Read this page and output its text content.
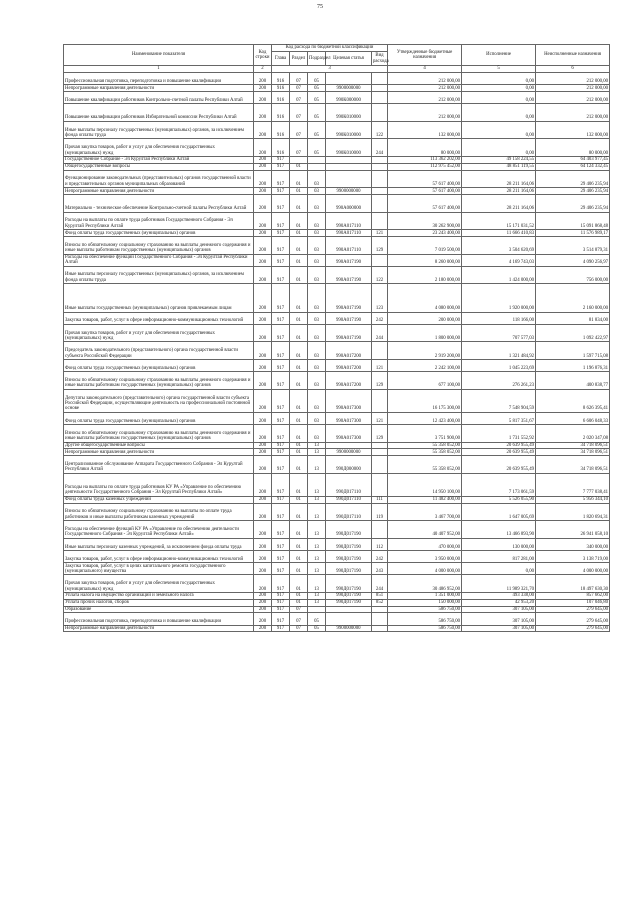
75
Наименование показателя	Код строки	Код расхода по бюджетной классификации					Утвержденные бюджетные назначения	Исполнение	Неисполненные назначения
		Глава	Раздел	Подраздел	Целевая статья	Вид расхода			
1	2	3					4	5	6
Профессиональная подготовка, переподготовка и повышение квалификации	200	916	07	05			212 000,00	0,00	212 000,00
Непрограммные направления деятельности	200	916	07	05	9900000000		212 000,00	0,00	212 000,00
Повышение квалификации работников Контрольно-счетной палаты Республики Алтай	200	916	07	05	990К000000		212 000,00	0,00	212 000,00
Повышение квалификации работников Избирательной комиссии Республики Алтай	200	916	07	05	990К010000		212 000,00	0,00	212 000,00
Иные выплаты персоналу государственных (муниципальных) органов, за исключением фонда оплаты труда	200	916	07	05	990К010000	122	132 000,00	0,00	132 000,00
Прочая закупка товаров, работ и услуг для обеспечения государственных (муниципальных) нужд	200	916	07	05	990К010000	244	80 000,00	0,00	80 000,00
Государственное Собрание - Эл Курултай Республики Алтай	200	917					113 362 202,00	49 158 224,55	64 403 977,45
Общегосударственные вопросы	200	917	01				112 975 452,00	48 851 119,55	64 124 332,45
Функционирование законодательных (представительных) органов государственной власти и представительных органов муниципальных образований	200	917	01	03			57 617 400,00	28 211 164,06	29 406 235,94
Непрограммные направления деятельности	200	917	01	03	9900000000		57 617 400,00	28 211 164,06	29 406 235,94
Материально - техническое обеспечение Контрольно-счетной палаты Республики Алтай	200	917	01	03	990А000000		57 617 400,00	28 211 164,06	29 406 235,94
Расходы на выплаты по оплате труда работников Государственного Собрания - Эл Курултай Республики Алтай	200	917	01	03	990А017110		30 262 900,00	15 171 031,52	15 091 868,48
Фонд оплаты труда государственных (муниципальных) органов	200	917	01	03	990А017110	121	23 243 400,00	11 666 410,83	11 576 989,17
Взносы по обязательному социальному страхованию на выплаты денежного содержания и иные выплаты работникам государственных (муниципальных) органов	200	917	01	03	990А017110	129	7 019 500,00	3 504 620,69	3 514 879,31
Расходы на обеспечение функций Государственного Собрания - Эл Курултай Республики Алтай	200	917	01	03	990А017190		8 260 000,00	4 169 743,03	4 090 256,97
Иные выплаты персоналу государственных (муниципальных) органов, за исключением фонда оплаты труда	200	917	01	03	990А017190	122	2 180 000,00	1 424 000,00	756 000,00
Иные выплаты государственных (муниципальных) органов привлекаемым лицам	200	917	01	03	990А017190	123	4 080 000,00	1 920 000,00	2 160 000,00
Закупка товаров, работ, услуг в сфере информационно-коммуникационных технологий	200	917	01	03	990А017190	242	200 000,00	118 166,00	81 834,00
Прочая закупка товаров, работ и услуг для обеспечения государственных (муниципальных) нужд	200	917	01	03	990А017190	244	1 800 000,00	707 577,03	1 092 422,97
Председатель законодательного (представительного) органа государственной власти субъекта Российской Федерации	200	917	01	03	990А017200		2 919 200,00	1 321 484,92	1 597 715,08
Фонд оплаты труда государственных (муниципальных) органов	200	917	01	03	990А017200	121	2 242 100,00	1 045 223,69	1 196 876,31
Взносы по обязательному социальному страхованию на выплаты денежного содержания и иные выплаты работникам государственных (муниципальных) органов	200	917	01	03	990А017200	129	677 100,00	276 261,23	400 838,77
Депутаты законодательного (представительного) органа государственной власти субъекта Российской Федерации, осуществляющие деятельность на профессиональной постоянной основе	200	917	01	03	990А017300		16 175 300,00	7 548 904,59	8 626 395,41
Фонд оплаты труда государственных (муниципальных) органов	200	917	01	03	990А017300	121	12 423 400,00	5 817 351,67	6 606 048,33
Взносы по обязательному социальному страхованию на выплаты денежного содержания и иные выплаты работникам государственных (муниципальных) органов	200	917	01	03	990А017300	129	3 751 900,00	1 731 552,92	2 020 347,08
Другие общегосударственные вопросы	200	917	01	13			55 358 052,00	20 639 955,49	34 718 096,51
Непрограммные направления деятельности	200	917	01	13	9900000000		55 358 052,00	20 639 955,49	34 718 096,51
Централизованное обслуживание Аппарата Государственного Собрания - Эл Курултай Республики Алтай	200	917	01	13	990Д000000		55 358 052,00	20 639 955,49	34 718 096,51
Расходы на выплаты по оплате труда работников КУ РА «Управление по обеспечению деятельности Государственного Собрания - Эл Курултай Республики Алтай»	200	917	01	13	990Д017110		14 950 100,00	7 173 061,59	7 777 038,41
Фонд оплаты труда казенных учреждений	200	917	01	13	990Д017110	111	11 482 400,00	5 526 055,90	5 956 344,10
Взносы по обязательному социальному страхованию на выплаты по оплате труда работников и иные выплаты работникам казенных учреждений	200	917	01	13	990Д017110	119	3 467 700,00	1 647 005,69	1 820 694,31
Расходы на обеспечение функций КУ РА «Управление по обеспечению деятельности Государственного Собрания - Эл Курултай Республики Алтай»	200	917	01	13	990Д017190		40 407 952,00	13 466 893,90	26 941 058,10
Иные выплаты персоналу казенных учреждений, за исключением фонда оплаты труда	200	917	01	13	990Д017190	112	470 000,00	130 000,00	340 000,00
Закупка товаров, работ, услуг в сфере информационно-коммуникационных технологий	200	917	01	13	990Д017190	242	3 950 000,00	817 281,00	3 138 719,00
Закупка товаров, работ, услуг в целях капитального ремонта государственного (муниципального) имущества	200	917	01	13	990Д017190	243	4 000 000,00	0,00	4 000 000,00
Прочая закупка товаров, работ и услуг для обеспечения государственных (муниципальных) нужд	200	917	01	13	990Д017190	244	30 486 952,00	11 989 321,70	18 497 630,30
Уплата налога на имущество организаций и земельного налога	200	917	01	13	990Д017190	851	1 351 000,00	493 338,00	857 662,00
Уплата прочих налогов, сборов	200	917	01	13	990Д017190	852	150 000,00	42 953,20	107 046,80
Образование	200	917	07				586 750,00	307 105,00	279 645,00
Профессиональная подготовка, переподготовка и повышение квалификации	200	917	07	05			586 750,00	307 105,00	279 645,00
Непрограммные направления деятельности	200	917	07	05	9900000000		586 750,00	307 105,00	279 645,00
